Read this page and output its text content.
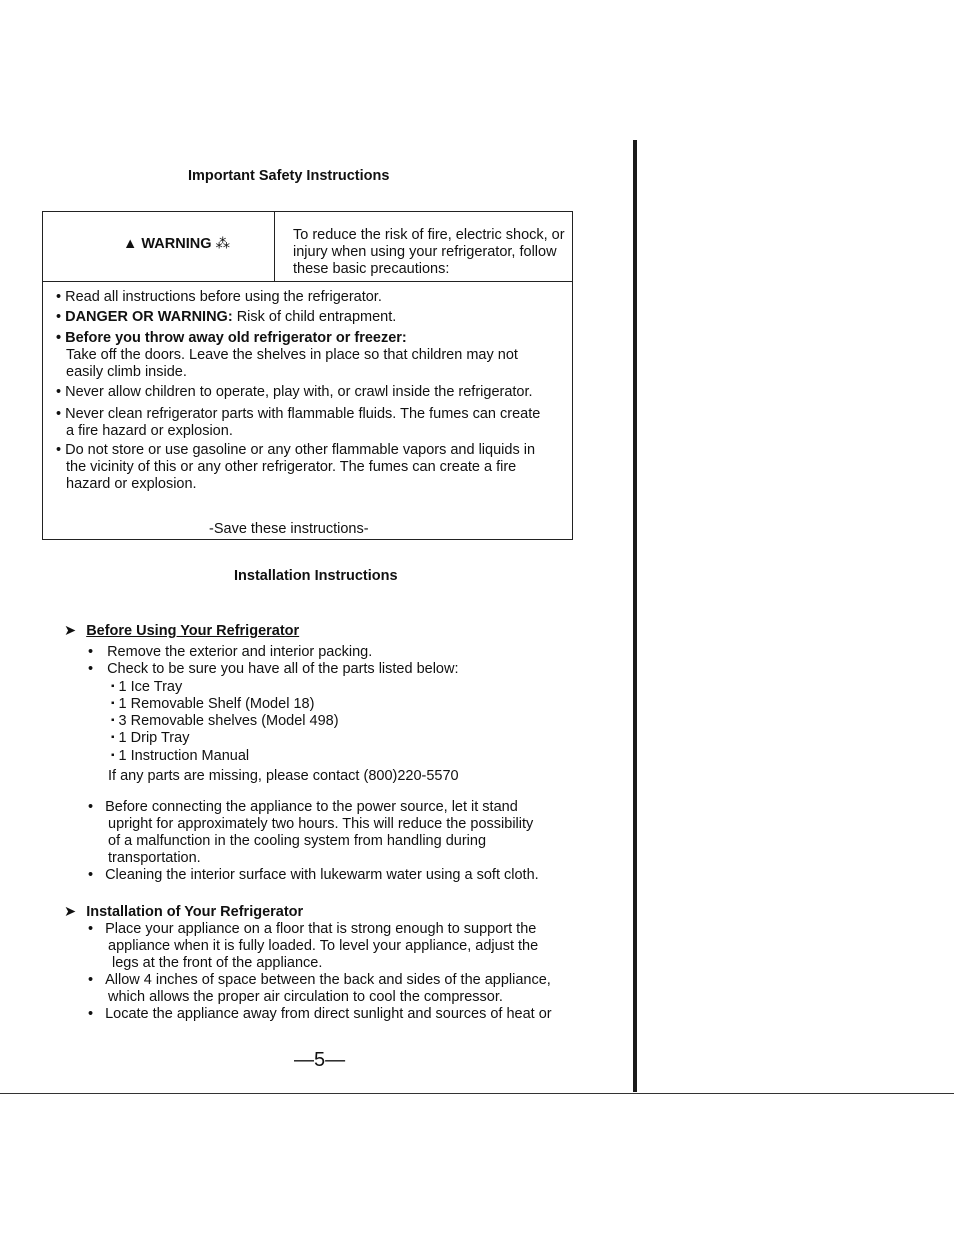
Important Safety Instructions
▲ WARNING ⁂
To reduce the risk of fire, electric shock, or injury when using your refrigerator, follow these basic precautions:
• Read all instructions before using the refrigerator.
• DANGER OR WARNING: Risk of child entrapment.
• Before you throw away old refrigerator or freezer:
Take off the doors. Leave the shelves in place so that children may not
easily climb inside.
• Never allow children to operate, play with, or crawl inside the refrigerator.
• Never clean refrigerator parts with flammable fluids. The fumes can create
a fire hazard or explosion.
• Do not store or use gasoline or any other flammable vapors and liquids in
the vicinity of this or any other refrigerator. The fumes can create a fire
hazard or explosion.
-Save these instructions-
Installation Instructions
➤ Before Using Your Refrigerator
• Remove the exterior and interior packing.
• Check to be sure you have all of the parts listed below:
▪ 1 Ice Tray
▪ 1 Removable Shelf (Model 18)
▪ 3 Removable shelves (Model 498)
▪ 1 Drip Tray
▪ 1 Instruction Manual
If any parts are missing, please contact (800)220-5570
• Before connecting the appliance to the power source, let it stand
upright for approximately two hours. This will reduce the possibility
of a malfunction in the cooling system from handling during
transportation.
• Cleaning the interior surface with lukewarm water using a soft cloth.
➤ Installation of Your Refrigerator
• Place your appliance on a floor that is strong enough to support the
appliance when it is fully loaded. To level your appliance, adjust the
legs at the front of the appliance.
• Allow 4 inches of space between the back and sides of the appliance,
which allows the proper air circulation to cool the compressor.
• Locate the appliance away from direct sunlight and sources of heat or
—5—
